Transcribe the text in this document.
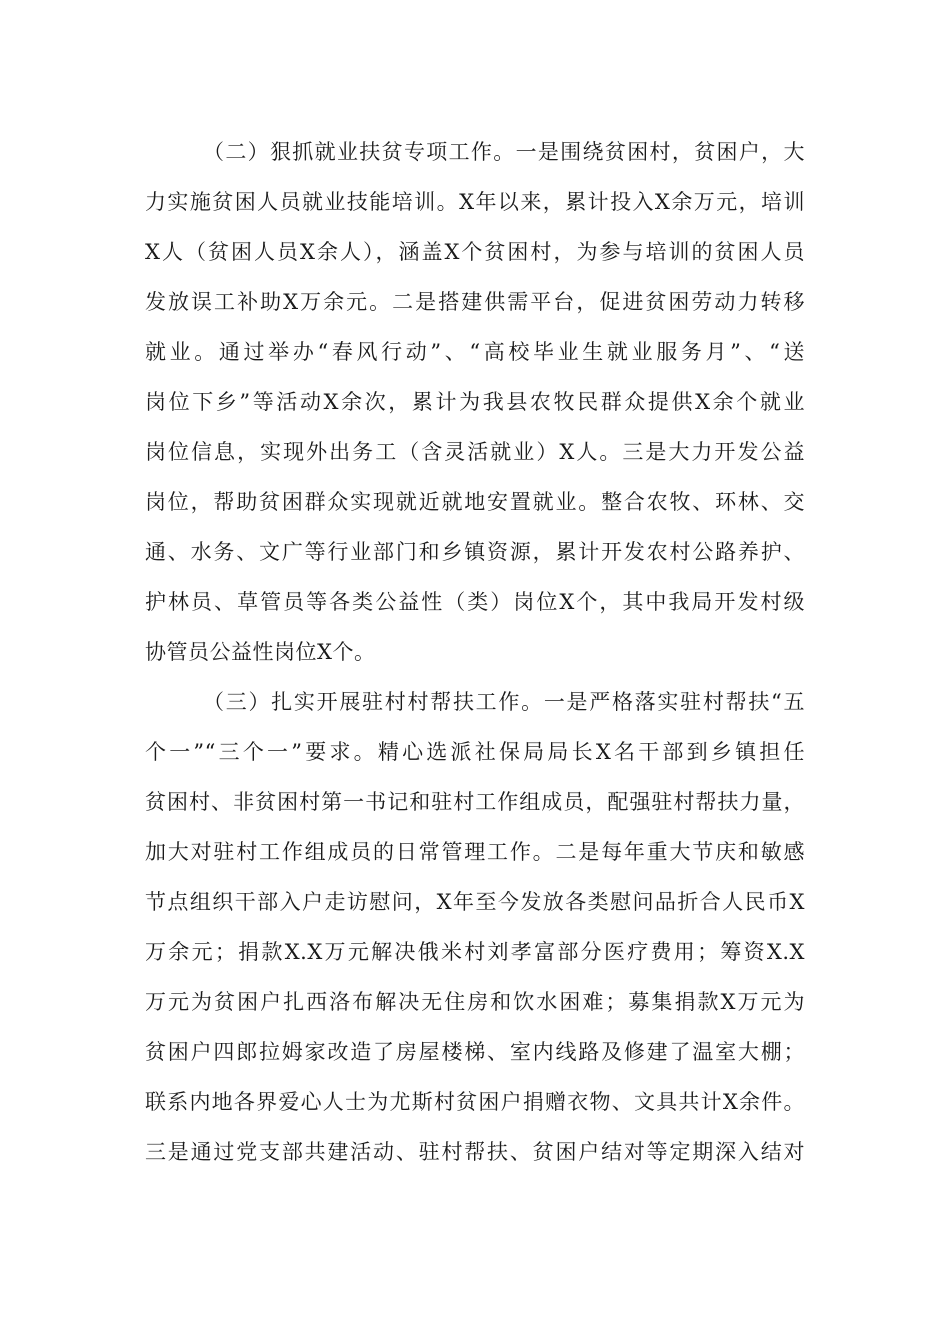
（二）狠抓就业扶贫专项工作。一是围绕贫困村，贫困户，大
力实施贫困人员就业技能培训。X年以来，累计投入X余万元，培训
X人（贫困人员X余人），涵盖X个贫困村，为参与培训的贫困人员
发放误工补助X万余元。二是搭建供需平台，促进贫困劳动力转移
就业。通过举办“春风行动”、“高校毕业生就业服务月”、“送
岗位下乡”等活动X余次，累计为我县农牧民群众提供X余个就业
岗位信息，实现外出务工（含灵活就业）X人。三是大力开发公益
岗位，帮助贫困群众实现就近就地安置就业。整合农牧、环林、交
通、水务、文广等行业部门和乡镇资源，累计开发农村公路养护、
护林员、草管员等各类公益性（类）岗位X个，其中我局开发村级
协管员公益性岗位X个。
（三）扎实开展驻村村帮扶工作。一是严格落实驻村帮扶“五
个一”“三个一”要求。精心选派社保局局长X名干部到乡镇担任
贫困村、非贫困村第一书记和驻村工作组成员，配强驻村帮扶力量，
加大对驻村工作组成员的日常管理工作。二是每年重大节庆和敏感
节点组织干部入户走访慰问，X年至今发放各类慰问品折合人民币X
万余元；捐款X.X万元解决俄米村刘孝富部分医疗费用；筹资X.X
万元为贫困户扎西洛布解决无住房和饮水困难；募集捐款X万元为
贫困户四郎拉姆家改造了房屋楼梯、室内线路及修建了温室大棚；
联系内地各界爱心人士为尤斯村贫困户捐赠衣物、文具共计X余件。
三是通过党支部共建活动、驻村帮扶、贫困户结对等定期深入结对
